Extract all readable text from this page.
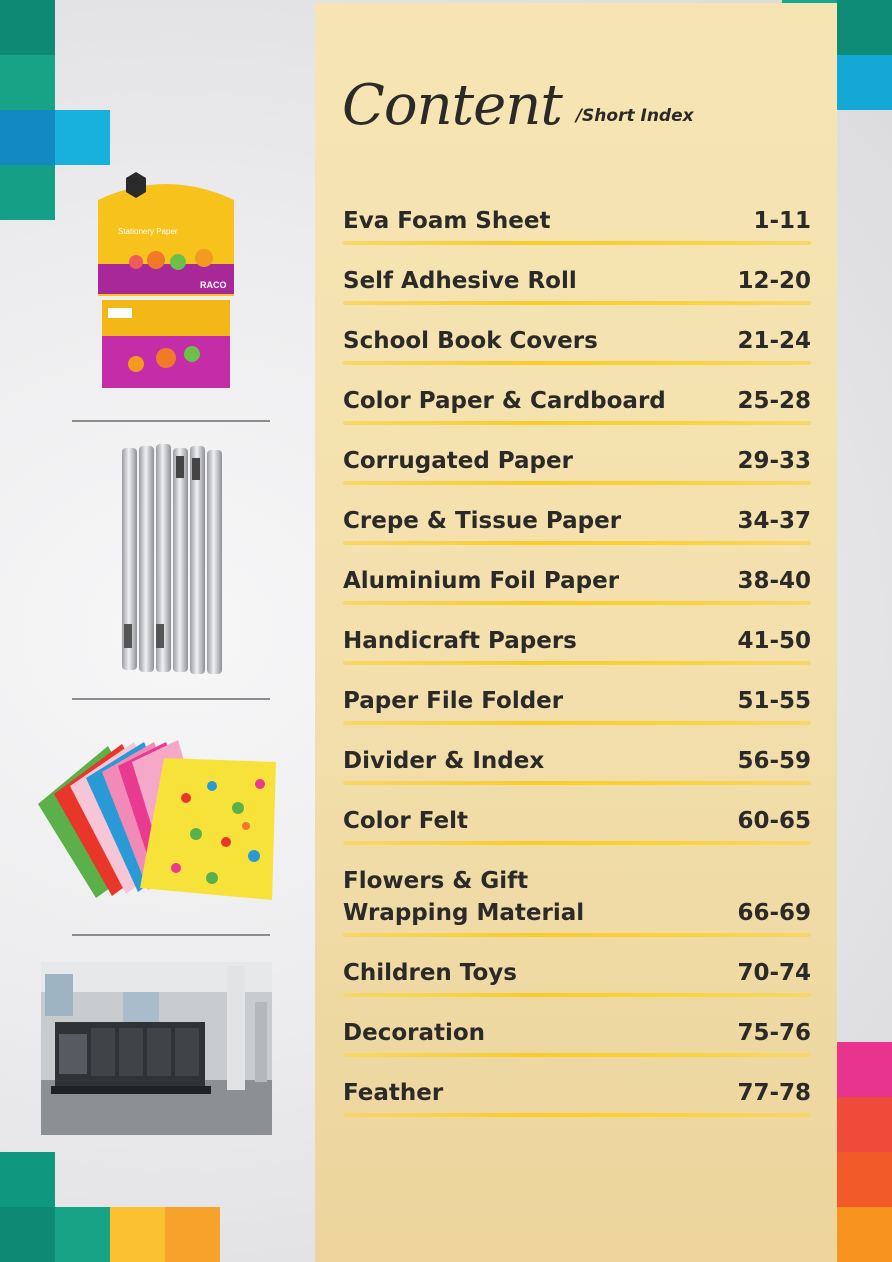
Content /Short Index
Eva Foam Sheet	1-11
Self Adhesive Roll	12-20
School Book Covers	21-24
Color Paper & Cardboard	25-28
Corrugated Paper	29-33
Crepe & Tissue Paper	34-37
Aluminium Foil Paper	38-40
Handicraft Papers	41-50
Paper File Folder	51-55
Divider & Index	56-59
Color Felt	60-65
Flowers & Gift
Wrapping Material	66-69
Children Toys	70-74
Decoration	75-76
Feather	77-78
Stationery Paper
RACO
